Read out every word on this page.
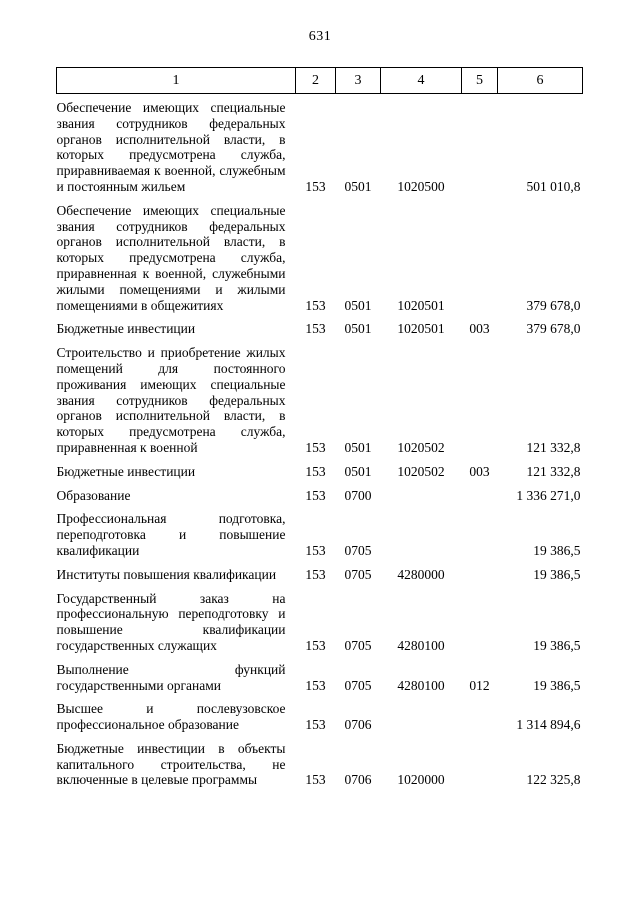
631
1	2	3	4	5	6

Обеспечение имеющих специальные звания сотрудников федеральных органов исполнительной власти, в которых предусмотрена служба, приравниваемая к военной, служебным и постоянным жильем	153	0501	1020500		501 010,8

Обеспечение имеющих специальные звания сотрудников федеральных органов исполнительной власти, в которых предусмотрена служба, приравненная к военной, служебными жилыми помещениями и жилыми помещениями в общежитиях	153	0501	1020501		379 678,0

Бюджетные инвестиции	153	0501	1020501	003	379 678,0

Строительство и приобретение жилых помещений для постоянного проживания имеющих специальные звания сотрудников федеральных органов исполнительной власти, в которых предусмотрена служба, приравненная к военной	153	0501	1020502		121 332,8

Бюджетные инвестиции	153	0501	1020502	003	121 332,8

Образование	153	0700			1 336 271,0

Профессиональная подготовка, переподготовка и повышение квалификации	153	0705			19 386,5

Институты повышения квалификации	153	0705	4280000		19 386,5

Государственный заказ на профессиональную переподготовку и повышение квалификации государственных служащих	153	0705	4280100		19 386,5

Выполнение функций государственными органами	153	0705	4280100	012	19 386,5

Высшее и послевузовское профессиональное образование	153	0706			1 314 894,6

Бюджетные инвестиции в объекты капитального строительства, не включенные в целевые программы	153	0706	1020000		122 325,8
